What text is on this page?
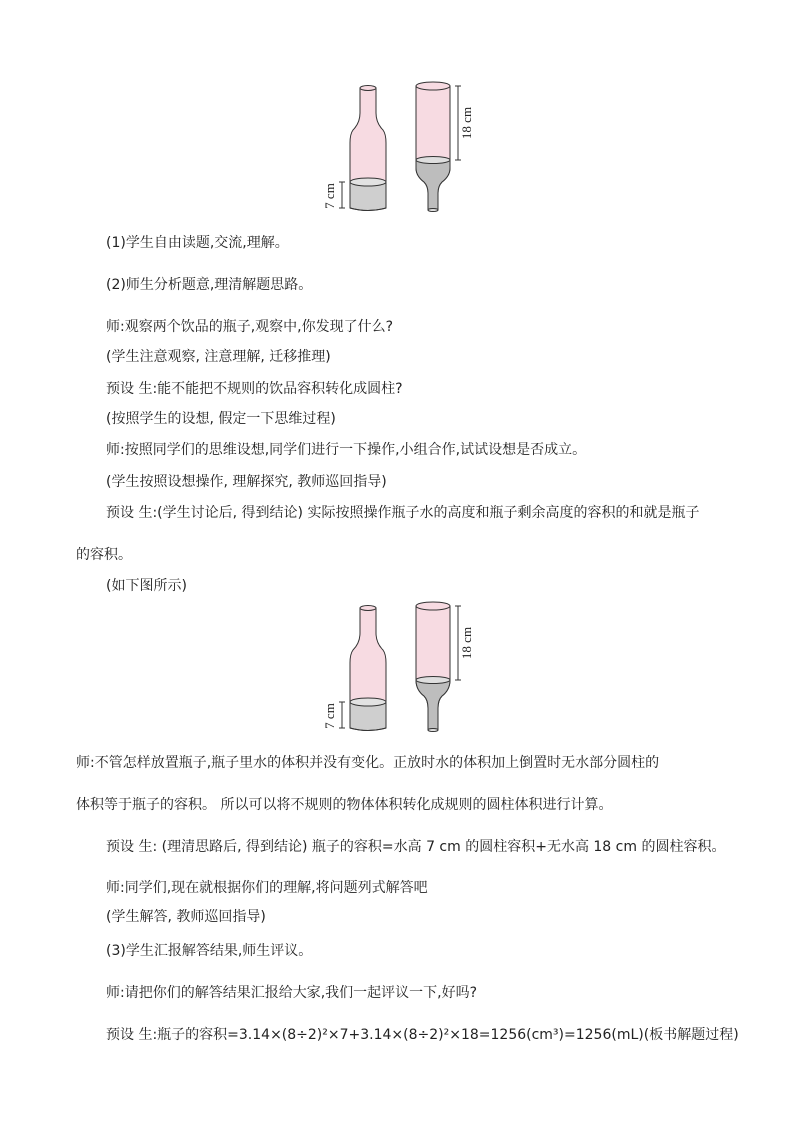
7 cm
18 cm
(1)学生自由读题,交流,理解。
(2)师生分析题意,理清解题思路。
师:观察两个饮品的瓶子,观察中,你发现了什么?
(学生注意观察, 注意理解, 迁移推理)
预设 生:能不能把不规则的饮品容积转化成圆柱?
(按照学生的设想, 假定一下思维过程)
师:按照同学们的思维设想,同学们进行一下操作,小组合作,试试设想是否成立。
(学生按照设想操作, 理解探究, 教师巡回指导)
预设 生:(学生讨论后, 得到结论) 实际按照操作瓶子水的高度和瓶子剩余高度的容积的和就是瓶子
的容积。
(如下图所示)
7 cm
18 cm
师:不管怎样放置瓶子,瓶子里水的体积并没有变化。正放时水的体积加上倒置时无水部分圆柱的
体积等于瓶子的容积。 所以可以将不规则的物体体积转化成规则的圆柱体积进行计算。
预设 生: (理清思路后, 得到结论) 瓶子的容积=水高 7 cm 的圆柱容积+无水高 18 cm 的圆柱容积。
师:同学们,现在就根据你们的理解,将问题列式解答吧
(学生解答, 教师巡回指导)
(3)学生汇报解答结果,师生评议。
师:请把你们的解答结果汇报给大家,我们一起评议一下,好吗?
预设 生:瓶子的容积=3.14×(8÷2)²×7+3.14×(8÷2)²×18=1256(cm³)=1256(mL)(板书解题过程)
